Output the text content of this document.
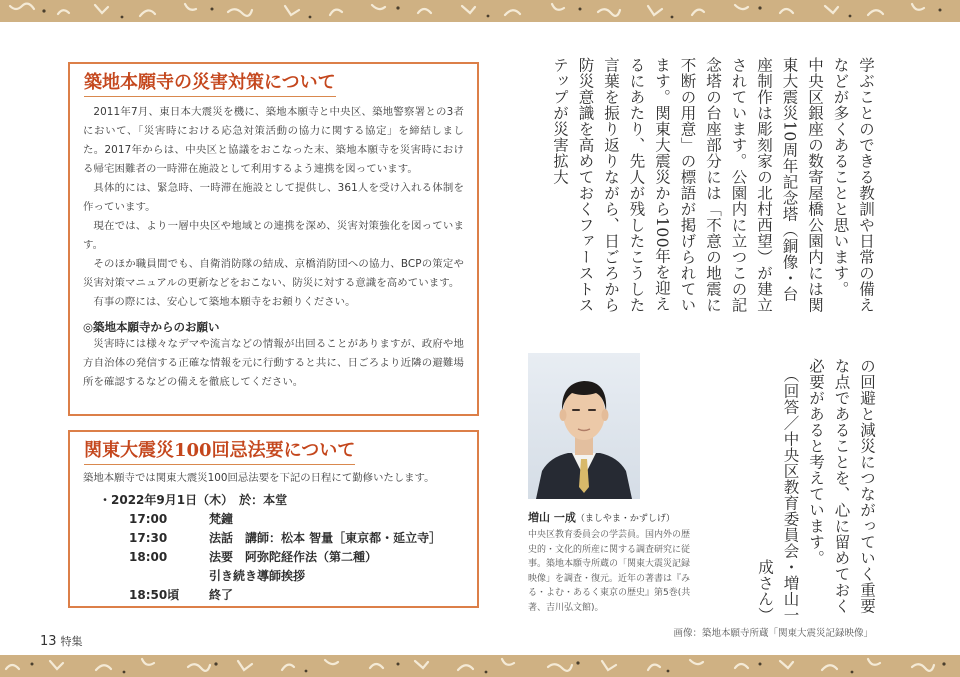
築地本願寺の災害対策について

2011年7月、東日本大震災を機に、築地本願寺と中央区、築地警察署との3者において、「災害時における応急対策活動の協力に関する協定」を締結しました。2017年からは、中央区と協議をおこなった末、築地本願寺を災害時における帰宅困難者の一時滞在施設として利用するよう連携を図っています。

具体的には、緊急時、一時滞在施設として提供し、361人を受け入れる体制を作っています。

現在では、より一層中央区や地域との連携を深め、災害対策強化を図っています。

そのほか職員間でも、自衛消防隊の結成、京橋消防団への協力、BCPの策定や災害対策マニュアルの更新などをおこない、防災に対する意識を高めています。

有事の際には、安心して築地本願寺をお頼りください。

◎築地本願寺からのお願い

災害時には様々なデマや流言などの情報が出回ることがありますが、政府や地方自治体の発信する正確な情報を元に行動すると共に、日ごろより近隣の避難場所を確認するなどの備えを徹底してください。

関東大震災100回忌法要について

築地本願寺では関東大震災100回忌法要を下記の日程にて勤修いたします。

・2022年9月1日（木）　於：本堂
17:00	梵鐘
17:30	法話　講師：松本 智量［東京都・延立寺］
18:00	法要　阿弥陀経作法（第二種）
引き続き導師挨拶
18:50頃	終了
学ぶことのできる教訓や日常の備えなどが多くあることと思います。　中央区銀座の数寄屋橋公園内には関東大震災10周年記念塔（銅像・台座制作は彫刻家の北村西望）が建立されています。公園内に立つこの記念塔の台座部分には「不意の地震に不断の用意」の標語が掲げられています。関東大震災から100年を迎えるにあたり、先人が残したこうした言葉を振り返りながら、日ごろから防災意識を高めておくファーストステップが災害拡大
の回避と減災につながっていく重要な点であることを、心に留めておく必要があると考えています。
（回答／中央区教育委員会・増山一成さん）
増山 一成（ましやま・かずしげ）

中央区教育委員会の学芸員。国内外の歴史的・文化的所産に関する調査研究に従事。築地本願寺所蔵の「関東大震災記録映像」を調査・復元。近年の著書は『みる・よむ・あるく東京の歴史』第5巻(共著、吉川弘文館)。

画像：築地本願寺所蔵「関東大震災記録映像」
13 特集
